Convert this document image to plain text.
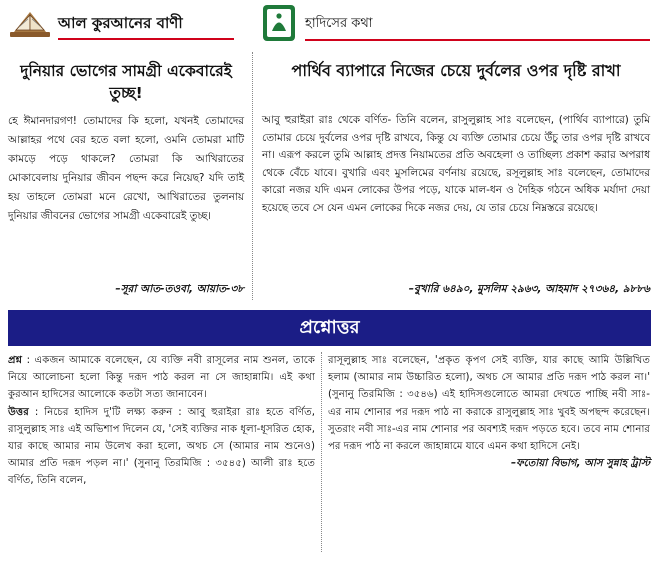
আল কুরআনের বাণী	হাদিসের কথা
দুনিয়ার ভোগের সামগ্রী একেবারেই তুচ্ছ!
হে ঈমানদারগণ! তোমাদের কি হলো, যখনই তোমাদের আল্লাহর পথে বের হতে বলা হলো, ওমনি তোমরা মাটি কামড়ে পড়ে থাকলে? তোমরা কি আখিরাতের মোকাবেলায় দুনিয়ার জীবন পছন্দ করে নিয়েছ? যদি তাই হয় তাহলে তোমরা মনে রেখো, আখিরাতের তুলনায় দুনিয়ার জীবনের ভোগের সামগ্রী একেবারেই তুচ্ছ।
–সূরা আত-তওবা, আয়াত-৩৮
পার্থিব ব্যাপারে নিজের চেয়ে দুর্বলের ওপর দৃষ্টি রাখা
আবু হুরাইরা রাঃ থেকে বর্ণিত- তিনি বলেন, রাসুলুল্লাহ সাঃ বলেছেন, (পার্থিব ব্যাপারে) তুমি তোমার চেয়ে দুর্বলের ওপর দৃষ্টি রাখবে, কিন্তু যে ব্যক্তি তোমার চেয়ে উঁচু তার ওপর দৃষ্টি রাখবে না। এরূপ করলে তুমি আল্লাহ প্রদত্ত নিয়ামতের প্রতি অবহেলা ও তাচ্ছিল্য প্রকাশ করার অপরাধ থেকে বেঁচে যাবে। বুখারি এবং মুসলিমের বর্ণনায় রয়েছে, রসূলুল্লাহ সাঃ বলেছেন, তোমাদের কারো নজর যদি এমন লোকের উপর পড়ে, যাকে মাল-ধন ও দৈহিক গঠনে অধিক মর্যাদা দেয়া হয়েছে তবে সে যেন এমন লোকের দিকে নজর দেয়, যে তার চেয়ে নিম্নস্তরে রয়েছে।
–বুখারি ৬৪৯০, মুসলিম ২৯৬৩, আহমাদ ২৭৩৬৪, ৯৮৮৬
প্রশ্নোত্তর
প্রশ্ন : একজন আমাকে বলেছেন, যে ব্যক্তি নবী রাসূলের নাম শুনল, তাকে নিয়ে আলোচনা হলো কিন্তু দরূদ পাঠ করল না সে জাহান্নামি। এই কথা কুরআন হাদিসের আলোকে কতটা সত্য জানাবেন।
উত্তর : নিচের হাদিস দু'টি লক্ষ্য করুন : আবু হুরাইরা রাঃ হতে বর্ণিত, রাসুলুল্লাহ সাঃ এই অভিশাপ দিলেন যে, 'সেই ব্যক্তির নাক ধূলা-ধূসরিত হোক, যার কাছে আমার নাম উলেখ করা হলো, অথচ সে (আমার নাম শুনেও) আমার প্রতি দরূদ পড়ল না।' (সুনানু তিরমিজি : ৩৫৪৫) আলী রাঃ হতে বর্ণিত, তিনি বলেন,
রাসূলুল্লাহ সাঃ বলেছেন, 'প্রকৃত কৃপণ সেই ব্যক্তি, যার কাছে আমি উল্লিখিত হলাম (আমার নাম উচ্চারিত হলো), অথচ সে আমার প্রতি দরূদ পাঠ করল না।' (সুনানু তিরমিজি : ৩৫৪৬) এই হাদিসগুলোতে আমরা দেখতে পাচ্ছি নবী সাঃ-এর নাম শোনার পর দরূদ পাঠ না করাকে রাসুলুল্লাহ সাঃ খুবই অপছন্দ করেছেন। সুতরাং নবী সাঃ-এর নাম শোনার পর অবশ্যই দরূদ পড়তে হবে। তবে নাম শোনার পর দরূদ পাঠ না করলে জাহান্নামে যাবে এমন কথা হাদিসে নেই।
–ফতোয়া বিভাগ, আস সুন্নাহ ট্রাস্ট
